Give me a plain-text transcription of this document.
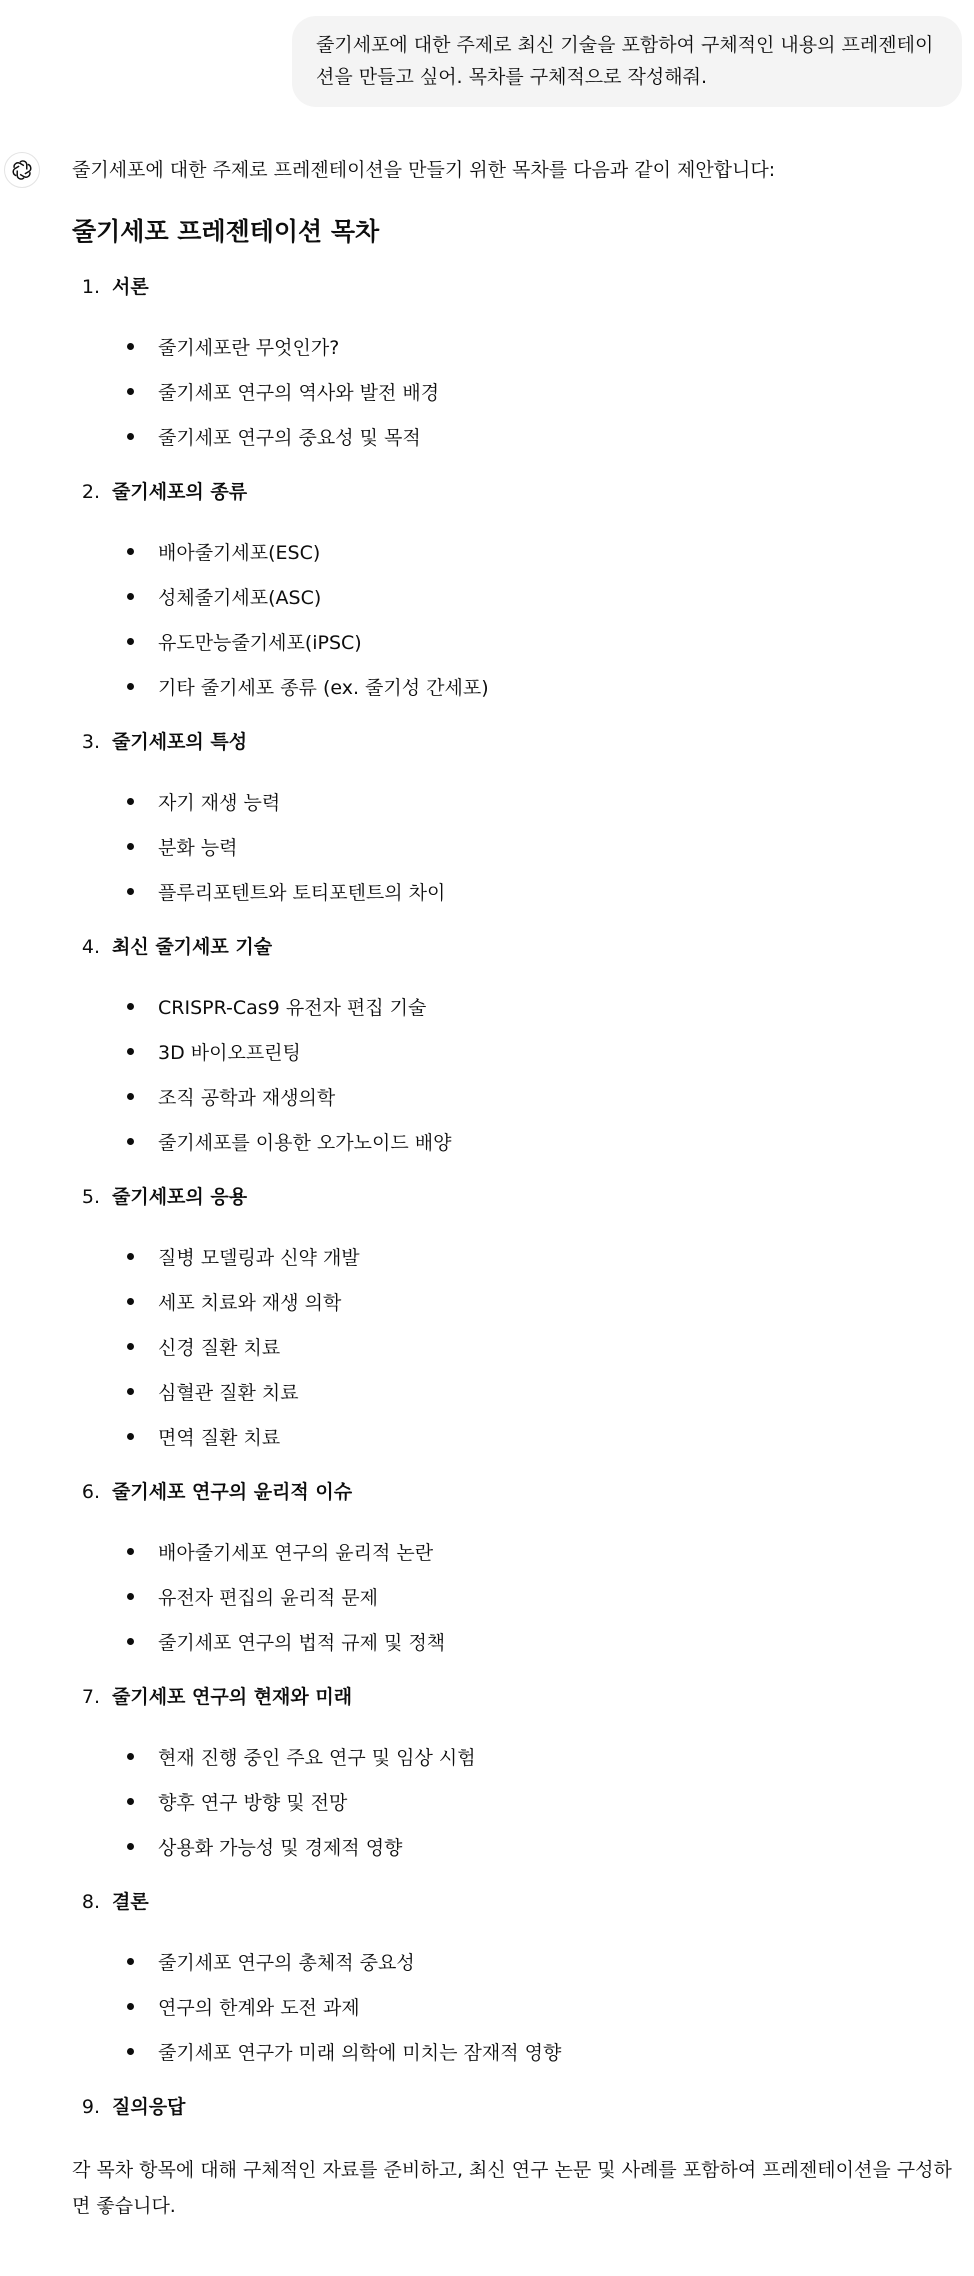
줄기세포에 대한 주제로 최신 기술을 포함하여 구체적인 내용의 프레젠테이션을 만들고 싶어. 목차를 구체적으로 작성해줘.

줄기세포에 대한 주제로 프레젠테이션을 만들기 위한 목차를 다음과 같이 제안합니다:

줄기세포 프레젠테이션 목차
1. 서론
줄기세포란 무엇인가?
줄기세포 연구의 역사와 발전 배경
줄기세포 연구의 중요성 및 목적
2. 줄기세포의 종류
배아줄기세포(ESC)
성체줄기세포(ASC)
유도만능줄기세포(iPSC)
기타 줄기세포 종류 (ex. 줄기성 간세포)
3. 줄기세포의 특성
자기 재생 능력
분화 능력
플루리포텐트와 토티포텐트의 차이
4. 최신 줄기세포 기술
CRISPR-Cas9 유전자 편집 기술
3D 바이오프린팅
조직 공학과 재생의학
줄기세포를 이용한 오가노이드 배양
5. 줄기세포의 응용
질병 모델링과 신약 개발
세포 치료와 재생 의학
신경 질환 치료
심혈관 질환 치료
면역 질환 치료
6. 줄기세포 연구의 윤리적 이슈
배아줄기세포 연구의 윤리적 논란
유전자 편집의 윤리적 문제
줄기세포 연구의 법적 규제 및 정책
7. 줄기세포 연구의 현재와 미래
현재 진행 중인 주요 연구 및 임상 시험
향후 연구 방향 및 전망
상용화 가능성 및 경제적 영향
8. 결론
줄기세포 연구의 총체적 중요성
연구의 한계와 도전 과제
줄기세포 연구가 미래 의학에 미치는 잠재적 영향
9. 질의응답

각 목차 항목에 대해 구체적인 자료를 준비하고, 최신 연구 논문 및 사례를 포함하여 프레젠테이션을 구성하면 좋습니다.
